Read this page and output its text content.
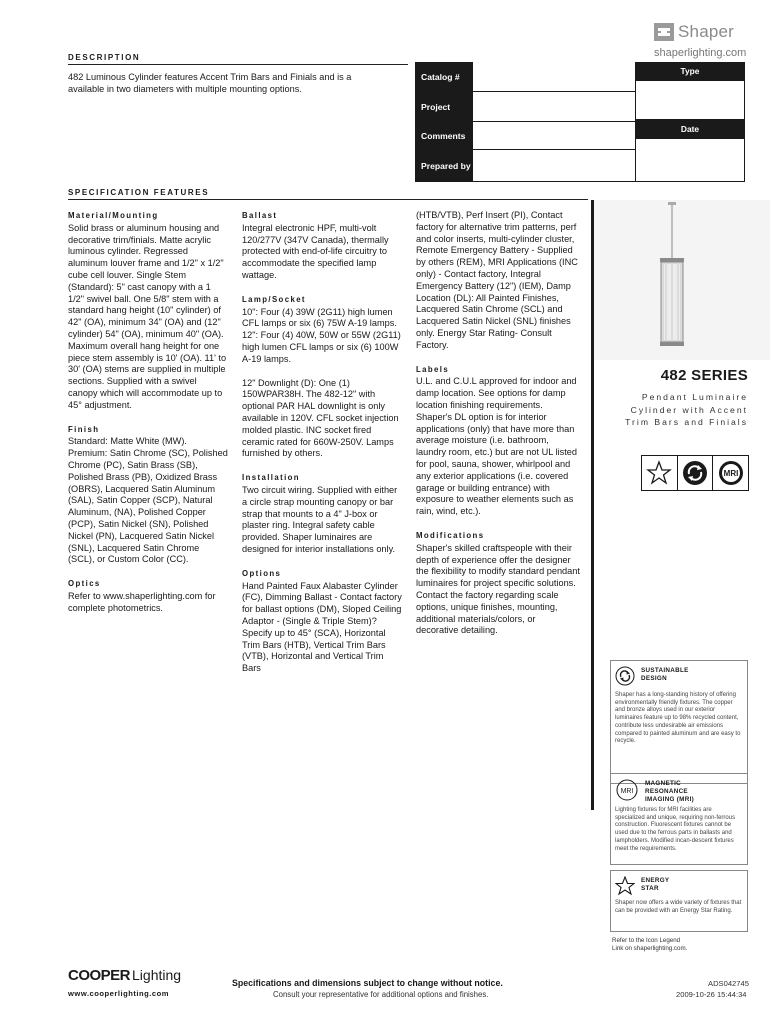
Shaper
shaperlighting.com
DESCRIPTION
482 Luminous Cylinder features Accent Trim Bars and Finials and is a available in two diameters with multiple mounting options.
Catalog #
Project
Comments
Prepared by
Type
Date
SPECIFICATION FEATURES
Material/Mounting

Solid brass or aluminum housing and decorative trim/finials. Matte acrylic luminous cylinder. Regressed aluminum louver frame and 1/2" x 1/2" cube cell louver. Single Stem (Standard): 5" cast canopy with a 1 1/2" swivel ball. One 5/8" stem with a standard hang height (10" cylinder) of 42" (OA), minimum 34" (OA) and (12" cylinder) 54" (OA), minimum 40" (OA). Maximum overall hang height for one piece stem assembly is 10' (OA). 11' to 30' (OA) stems are supplied in multiple sections. Supplied with a swivel canopy which will accommodate up to 45° adjustment.

Finish

Standard: Matte White (MW). Premium: Satin Chrome (SC), Polished Chrome (PC), Satin Brass (SB), Polished Brass (PB), Oxidized Brass (OBRS), Lacquered Satin Aluminum (SAL), Satin Copper (SCP), Natural Aluminum, (NA), Polished Copper (PCP), Satin Nickel (SN), Polished Nickel (PN), Lacquered Satin Nickel (SNL), Lacquered Satin Chrome (SCL), or Custom Color (CC).

Optics

Refer to www.shaperlighting.com for complete photometrics.

Ballast

Integral electronic HPF, multi-volt 120/277V (347V Canada), thermally protected with end-of-life circuitry to accommodate the specified lamp wattage.

Lamp/Socket

10": Four (4) 39W (2G11) high lumen CFL lamps or six (6) 75W A-19 lamps. 12": Four (4) 40W, 50W or 55W (2G11) high lumen CFL lamps or six (6) 100W A-19 lamps.

12" Downlight (D): One (1) 150WPAR38H. The 482-12" with optional PAR HAL downlight is only available in 120V. CFL socket injection molded plastic. INC socket fired ceramic rated for 660W-250V. Lamps furnished by others.

Installation

Two circuit wiring. Supplied with either a circle strap mounting canopy or bar strap that mounts to a 4" J-box or plaster ring. Integral safety cable provided. Shaper luminaires are designed for interior installations only.

Options

Hand Painted Faux Alabaster Cylinder (FC), Dimming Ballast - Contact factory for ballast options (DM), Sloped Ceiling Adaptor - (Single & Triple Stem)?Specify up to 45° (SCA), Horizontal Trim Bars (HTB), Vertical Trim Bars (VTB), Horizontal and Vertical Trim Bars

(HTB/VTB), Perf Insert (PI), Contact factory for alternative trim patterns, perf and color inserts, multi-cylinder cluster, Remote Emergency Battery - Supplied by others (REM), MRI Applications (INC only) - Contact factory, Integral Emergency Battery (12") (IEM), Damp Location (DL): All Painted Finishes, Lacquered Satin Chrome (SCL) and Lacquered Satin Nickel (SNL) finishes only. Energy Star Rating- Consult Factory.

Labels

U.L. and C.U.L approved for indoor and damp location. See options for damp location finishing requirements. Shaper's DL option is for interior applications (only) that have more than average moisture (i.e. bathroom, laundry room, etc.) but are not UL listed for pool, sauna, shower, whirlpool and any exterior applications (i.e. covered garage or building entrance) with exposure to weather elements such as rain, wind, etc.).

Modifications

Shaper's skilled craftspeople with their depth of experience offer the designer the flexibility to modify standard pendant luminaires for project specific solutions. Contact the factory regarding scale options, unique finishes, mounting, additional materials/colors, or decorative detailing.

482 SERIES
Pendant Luminaire
Cylinder with Accent
Trim Bars and Finials
MRI
SUSTAINABLE
DESIGN
Shaper has a long-standing history of offering environmentally friendly fixtures. The copper and bronze alloys used in our exterior luminaires feature up to 98% recycled content, contribute less undesirable air emissions compared to painted aluminum and are easy to recycle.
MRI
MAGNETIC
RESONANCE
IMAGING (MRI)
Lighting fixtures for MRI facilities are specialized and unique, requiring non-ferrous construction. Fluorescent fixtures cannot be used due to the ferrous parts in ballasts and lampholders. Modified incan-descent fixtures meet the requirements.
ENERGY
STAR
Shaper now offers a wide variety of fixtures that can be provided with an Energy Star Rating.
Refer to the Icon Legend
Link on shaperlighting.com.
COOPER Lighting
www.cooperlighting.com
Specifications and dimensions subject to change without notice.
Consult your representative for additional options and finishes.
ADS042745
2009-10-26 15:44:34
